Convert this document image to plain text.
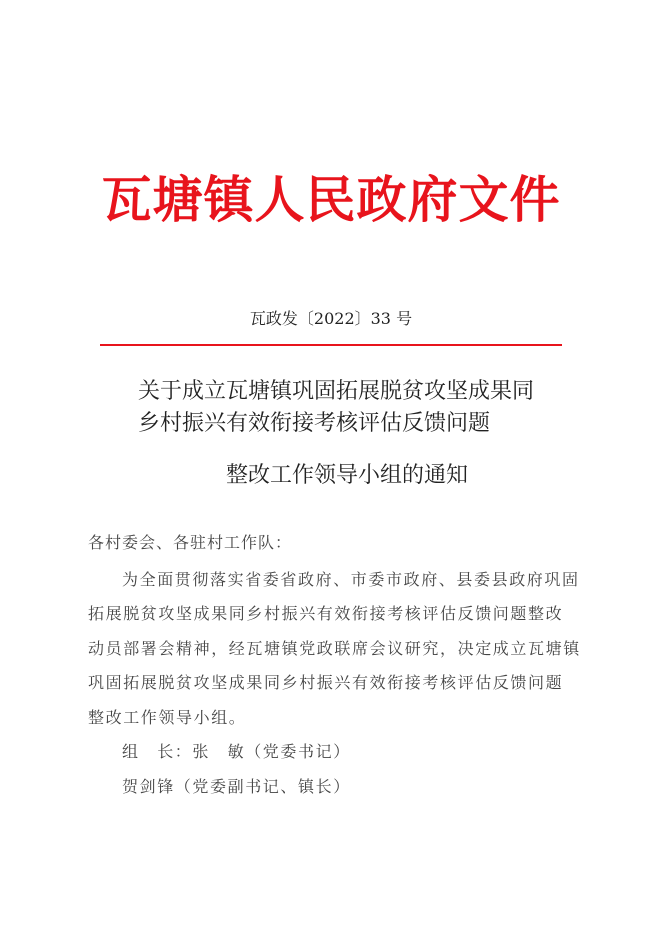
瓦塘镇人民政府文件
瓦政发〔2022〕33 号
关于成立瓦塘镇巩固拓展脱贫攻坚成果同
乡村振兴有效衔接考核评估反馈问题
整改工作领导小组的通知
各村委会、各驻村工作队：
为全面贯彻落实省委省政府、市委市政府、县委县政府巩固
拓展脱贫攻坚成果同乡村振兴有效衔接考核评估反馈问题整改
动员部署会精神，经瓦塘镇党政联席会议研究，决定成立瓦塘镇
巩固拓展脱贫攻坚成果同乡村振兴有效衔接考核评估反馈问题
整改工作领导小组。
组　长：张　敏（党委书记）
贺剑锋（党委副书记、镇长）
